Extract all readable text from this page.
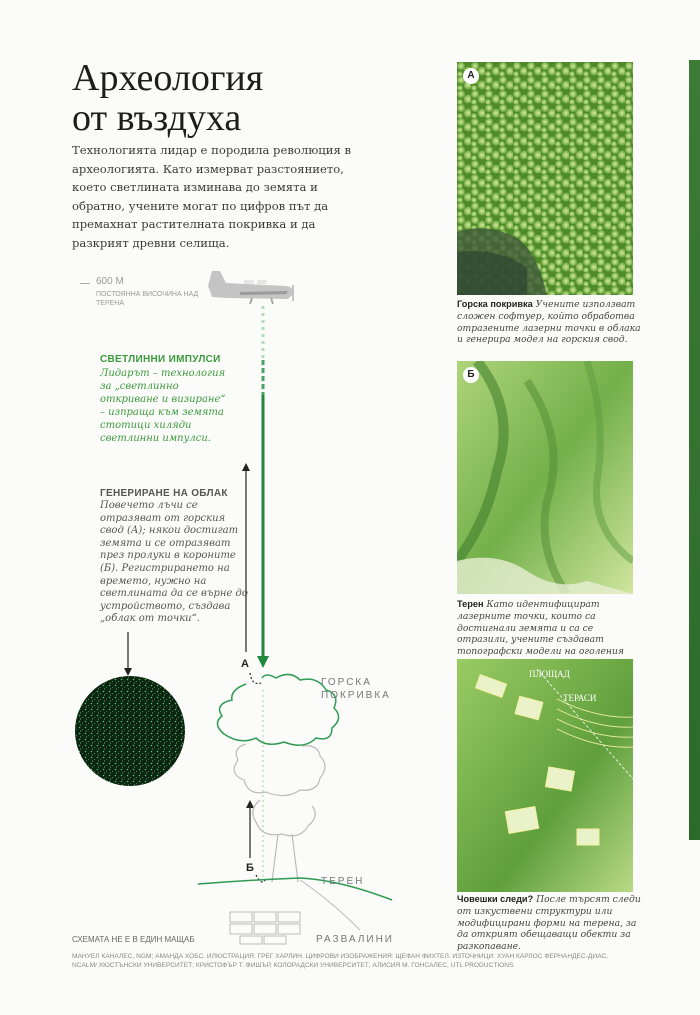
Археология
от въздуха
Технологията лидар е породила революция в археологията. Като измерват разстоянието, което светлината изминава до земята и обратно, учените могат по цифров път да премахнат растителната покривка и да разкрият древни селища.
600 М
ПОСТОЯННА ВИСОЧИНА НАД ТЕРЕНА
СВЕТЛИННИ ИМПУЛСИ
Лидарът – технология за „светлинно откриване и визиране“ – изпраща към земята стотици хиляди светлинни импулси.
ГЕНЕРИРАНЕ НА ОБЛАК
Повечето лъчи се отразяват от горския свод (А); някои достигат земята и се отразяват през пролуки в короните (Б). Регистрирането на времето, нужно на светлината да се върне до устройството, създава „облак от точки“.
А
Б
ГОРСКА ПОКРИВКА
ТЕРЕН
РАЗВАЛИНИ
А
Горска покривка Учените използват сложен софтуер, който обработва отразените лазерни точки в облака и генерира модел на горския свод.
Б
Терен Като идентифицират лазерните точки, които са достигнали земята и са се отразили, учените създават топографски модели на оголения
ПЛОЩАД
ТЕРАСИ
Човешки следи? После търсят следи от изкуствени структури или модифицирани форми на терена, за да открият обещаващи обекти за разкопаване.
СХЕМАТА НЕ Е В ЕДИН МАЩАБ
МАНУЕЛ КАНАЛЕС, NGM; АМАНДА ХОБС. ИЛЮСТРАЦИЯ: ГРЕГ ХАРЛИН. ЦИФРОВИ ИЗОБРАЖЕНИЯ: ЩЕФАН ФИХТЕЛ. ИЗТОЧНИЦИ: ХУАН КАРЛОС ФЕРНАНДЕС-ДИАС, NCALM/ ХЮСТЪНСКИ УНИВЕРСИТЕТ; КРИСТОФЪР Т. ФИШЪР, КОЛОРАДСКИ УНИВЕРСИТЕТ; АЛИСИЯ М. ГОНСАЛЕС, UTL PRODUCTIONS
